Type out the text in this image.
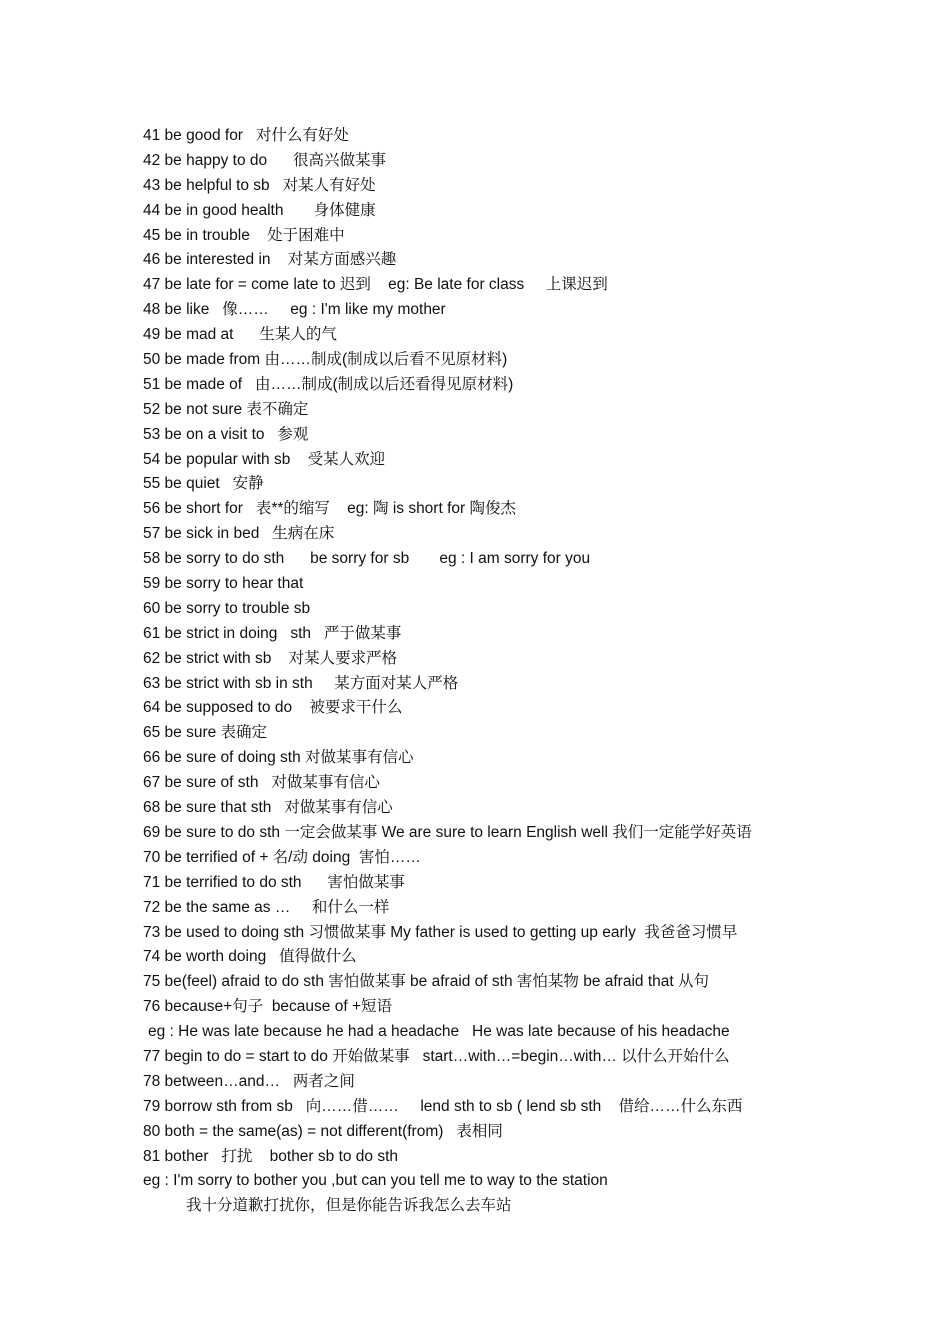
41 be good for   对什么有好处
42 be happy to do      很高兴做某事
43 be helpful to sb   对某人有好处
44 be in good health       身体健康
45 be in trouble    处于困难中
46 be interested in    对某方面感兴趣
47 be late for = come late to 迟到    eg: Be late for class     上课迟到
48 be like   像……     eg : I'm like my mother
49 be mad at      生某人的气
50 be made from 由……制成(制成以后看不见原材料)
51 be made of   由……制成(制成以后还看得见原材料)
52 be not sure 表不确定
53 be on a visit to   参观
54 be popular with sb    受某人欢迎
55 be quiet   安静
56 be short for   表**的缩写    eg: 陶 is short for 陶俊杰
57 be sick in bed   生病在床
58 be sorry to do sth      be sorry for sb       eg : I am sorry for you
59 be sorry to hear that
60 be sorry to trouble sb
61 be strict in doing   sth   严于做某事
62 be strict with sb    对某人要求严格
63 be strict with sb in sth     某方面对某人严格
64 be supposed to do    被要求干什么
65 be sure 表确定
66 be sure of doing sth 对做某事有信心
67 be sure of sth   对做某事有信心
68 be sure that sth   对做某事有信心
69 be sure to do sth 一定会做某事 We are sure to learn English well 我们一定能学好英语
70 be terrified of + 名/动 doing  害怕……
71 be terrified to do sth      害怕做某事
72 be the same as …     和什么一样
73 be used to doing sth 习惯做某事 My father is used to getting up early  我爸爸习惯早
74 be worth doing   值得做什么
75 be(feel) afraid to do sth 害怕做某事 be afraid of sth 害怕某物 be afraid that 从句
76 because+句子  because of +短语
eg : He was late because he had a headache   He was late because of his headache
77 begin to do = start to do 开始做某事   start…with…=begin…with… 以什么开始什么
78 between…and…   两者之间
79 borrow sth from sb   向……借……     lend sth to sb ( lend sb sth    借给……什么东西
80 both = the same(as) = not different(from)   表相同
81 bother   打扰    bother sb to do sth
eg : I'm sorry to bother you ,but can you tell me to way to the station
我十分道歉打扰你，但是你能告诉我怎么去车站
